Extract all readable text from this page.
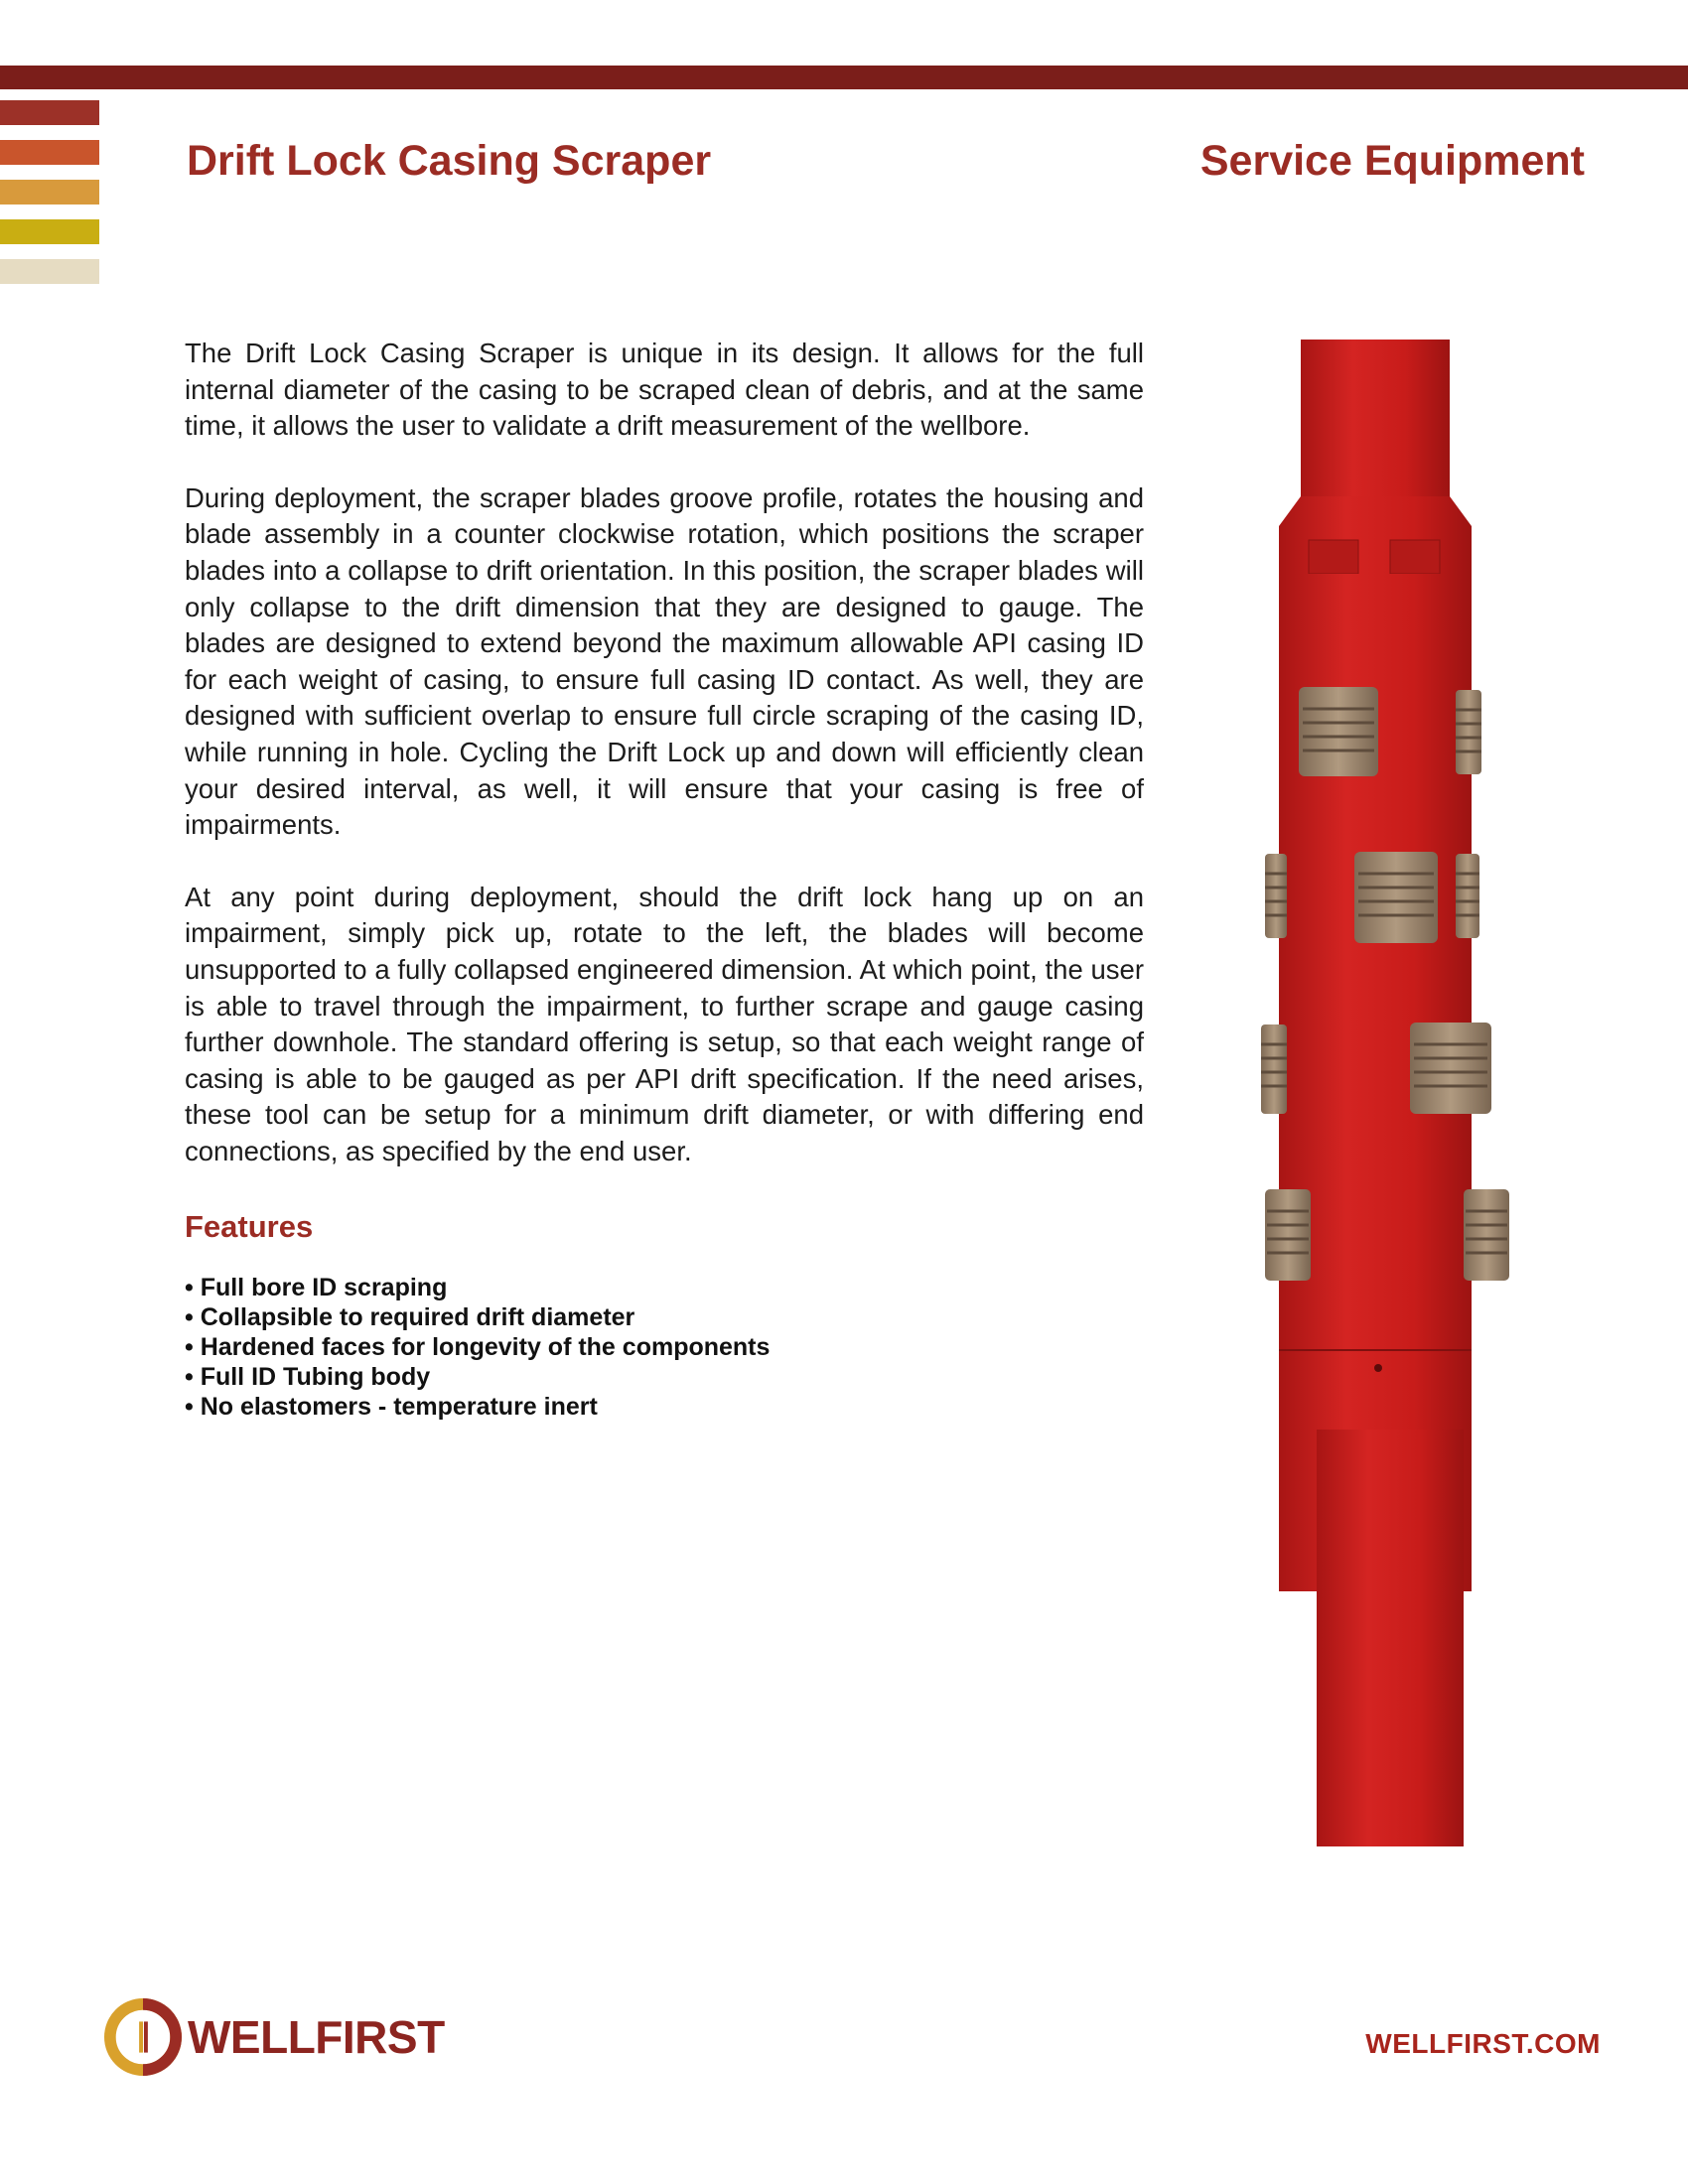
Drift Lock Casing Scraper	Service Equipment

The Drift Lock Casing Scraper is unique in its design. It allows for the full internal diameter of the casing to be scraped clean of debris, and at the same time, it allows the user to validate a drift measurement of the wellbore.

During deployment, the scraper blades groove profile, rotates the housing and blade assembly in a counter clockwise rotation, which positions the scraper blades into a collapse to drift orientation. In this position, the scraper blades will only collapse to the drift dimension that they are designed to gauge. The blades are designed to extend beyond the maximum allowable API casing ID for each weight of casing, to ensure full casing ID contact. As well, they are designed with sufficient overlap to ensure full circle scraping of the casing ID, while running in hole. Cycling the Drift Lock up and down will efficiently clean your desired interval, as well, it will ensure that your casing is free of impairments.

At any point during deployment, should the drift lock hang up on an impairment, simply pick up, rotate to the left, the blades will become unsupported to a fully collapsed engineered dimension. At which point, the user is able to travel through the impairment, to further scrape and gauge casing further downhole. The standard offering is setup, so that each weight range of casing is able to be gauged as per API drift specification. If the need arises, these tool can be setup for a minimum drift diameter, or with differing end connections, as specified by the end user.

Features
• Full bore ID scraping
• Collapsible to required drift diameter
• Hardened faces for longevity of the components
• Full ID Tubing body
• No elastomers - temperature inert
WELLFIRST	WELLFIRST.COM
